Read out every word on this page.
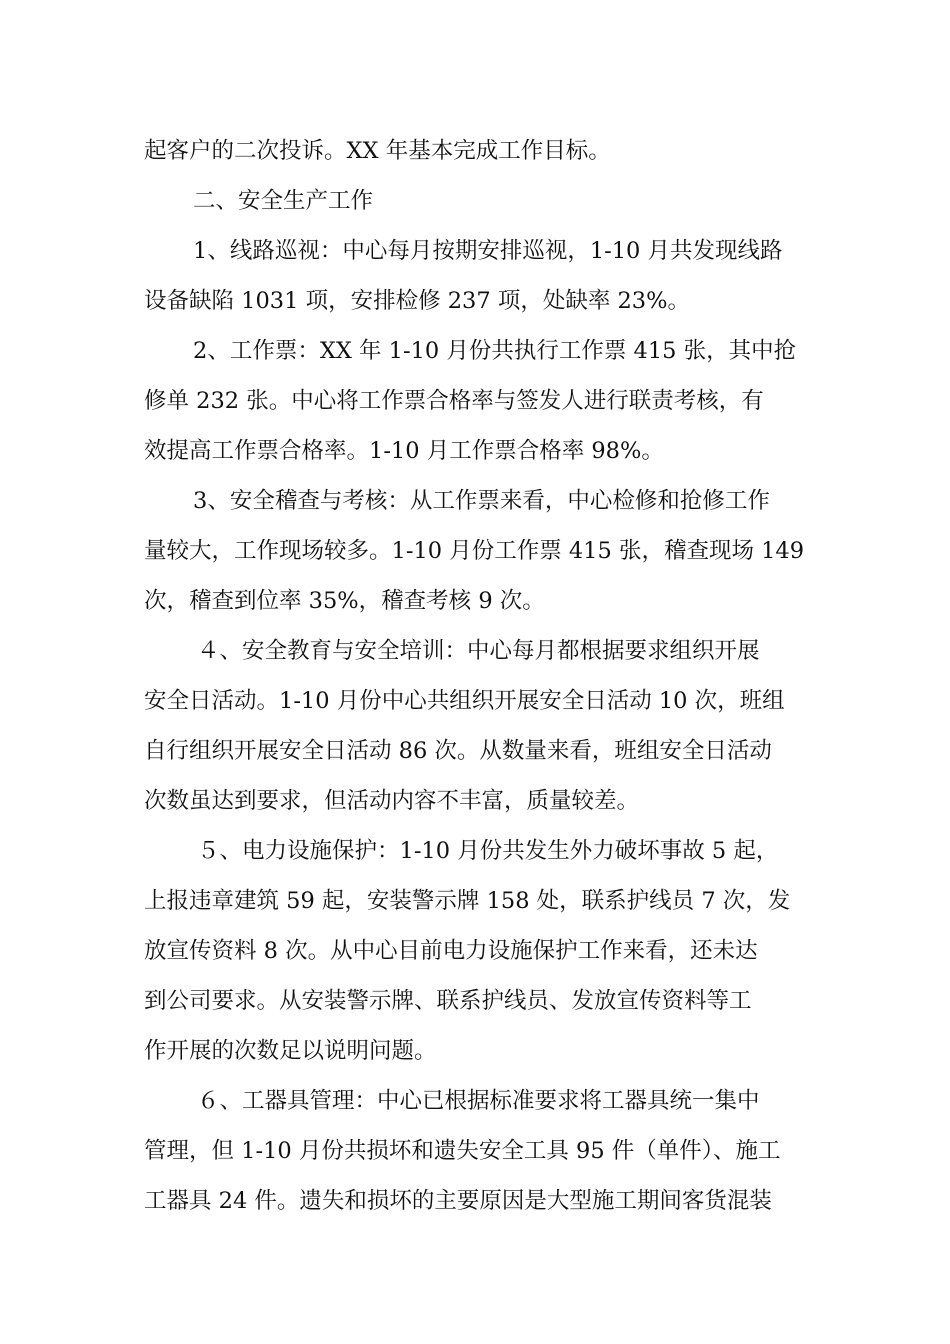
起客户的二次投诉。XX 年基本完成工作目标。
二、安全生产工作
1、线路巡视：中心每月按期安排巡视，1-10 月共发现线路
设备缺陷 1031 项，安排检修 237 项，处缺率 23%。
2、工作票：XX 年 1-10 月份共执行工作票 415 张，其中抢
修单 232 张。中心将工作票合格率与签发人进行联责考核，有
效提高工作票合格率。1-10 月工作票合格率 98%。
3、安全稽查与考核：从工作票来看，中心检修和抢修工作
量较大，工作现场较多。1-10 月份工作票 415 张，稽查现场 149
次，稽查到位率 35%，稽查考核 9 次。
４、安全教育与安全培训：中心每月都根据要求组织开展
安全日活动。1-10 月份中心共组织开展安全日活动 10 次，班组
自行组织开展安全日活动 86 次。从数量来看，班组安全日活动
次数虽达到要求，但活动内容不丰富，质量较差。
５、电力设施保护：1-10 月份共发生外力破坏事故 5 起，
上报违章建筑 59 起，安装警示牌 158 处，联系护线员 7 次，发
放宣传资料 8 次。从中心目前电力设施保护工作来看，还未达
到公司要求。从安装警示牌、联系护线员、发放宣传资料等工
作开展的次数足以说明问题。
６、工器具管理：中心已根据标准要求将工器具统一集中
管理，但 1-10 月份共损坏和遗失安全工具 95 件（单件）、施工
工器具 24 件。遗失和损坏的主要原因是大型施工期间客货混装
